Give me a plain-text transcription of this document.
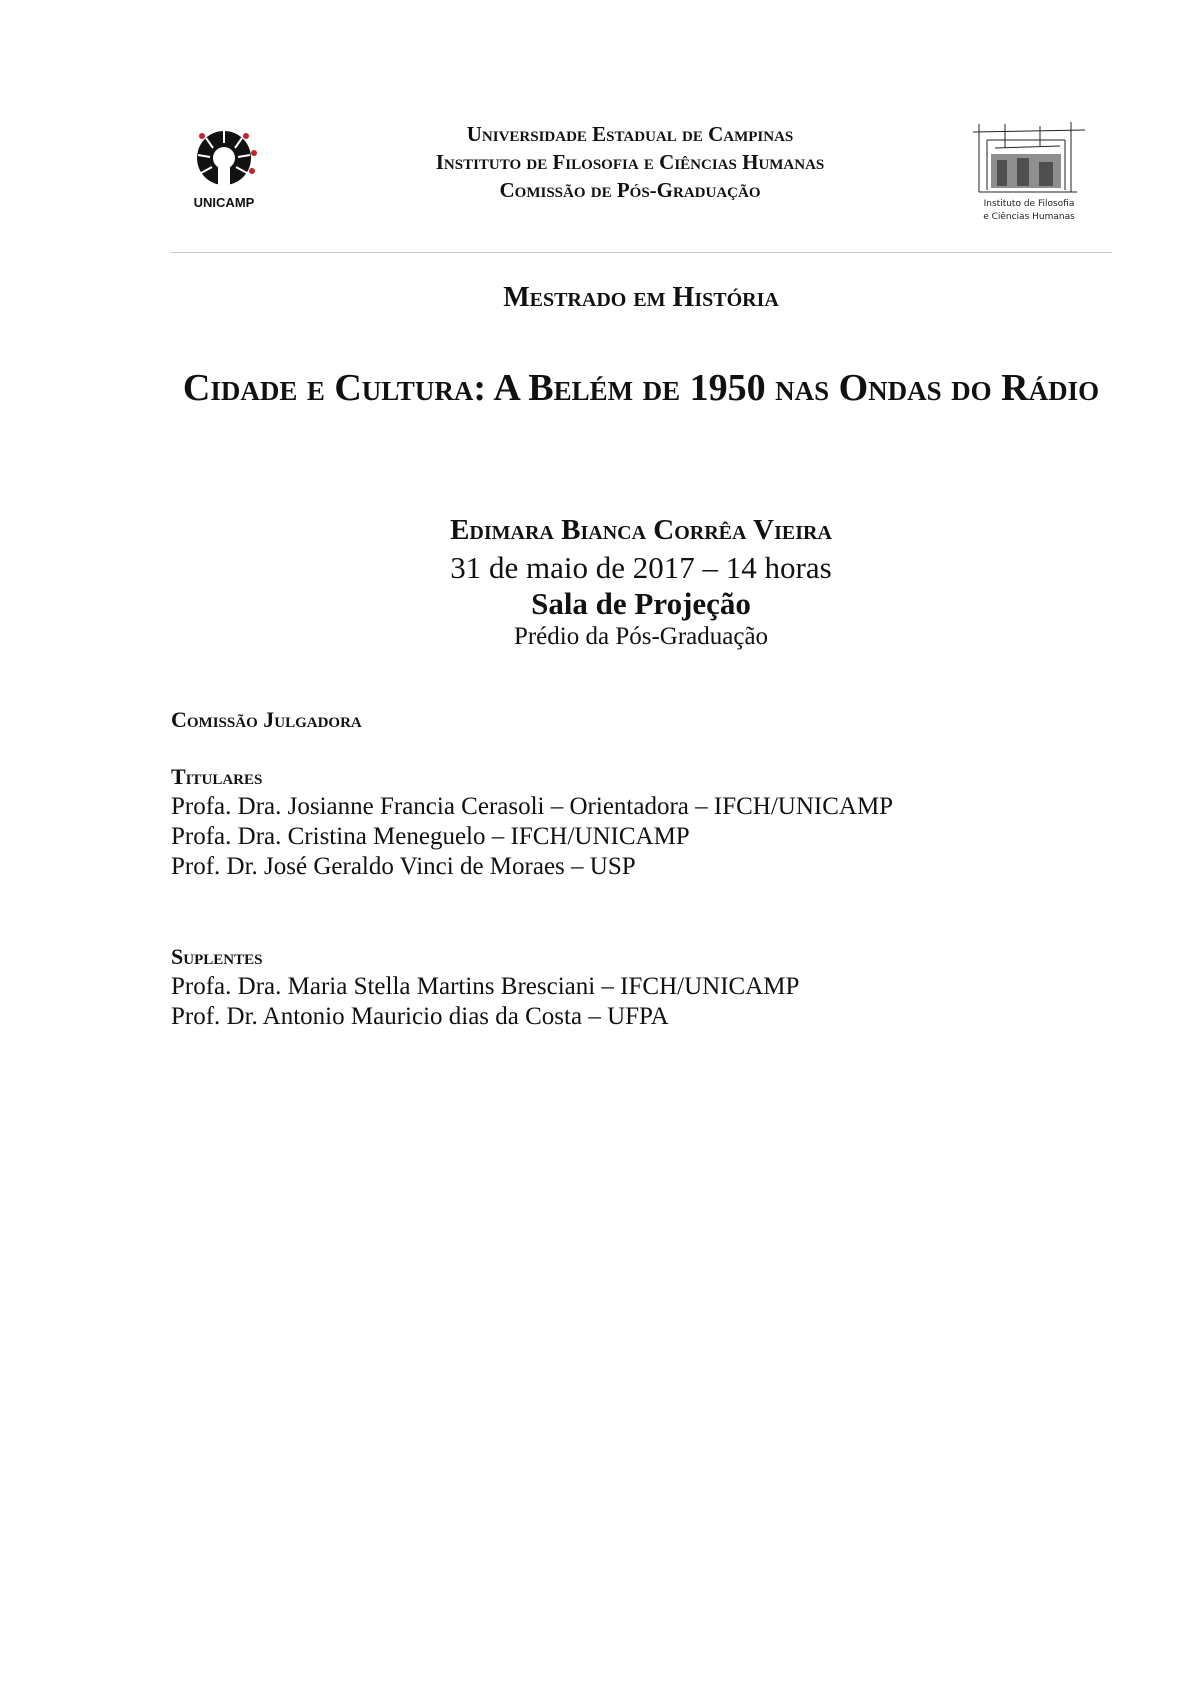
UNICAMP
Universidade Estadual de Campinas
Instituto de Filosofia e Ciências Humanas
Comissão de Pós-Graduação
Instituto de Filosofia
e Ciências Humanas
Mestrado em História
Cidade e Cultura: A Belém de 1950 nas Ondas do Rádio
Edimara Bianca Corrêa Vieira
31 de maio de 2017 – 14 horas
Sala de Projeção
Prédio da Pós-Graduação
Comissão Julgadora
Titulares
Profa. Dra. Josianne Francia Cerasoli – Orientadora – IFCH/UNICAMP
Profa. Dra. Cristina Meneguelo – IFCH/UNICAMP
Prof. Dr. José Geraldo Vinci de Moraes – USP
Suplentes
Profa. Dra. Maria Stella Martins Bresciani – IFCH/UNICAMP
Prof. Dr. Antonio Mauricio dias da Costa – UFPA
